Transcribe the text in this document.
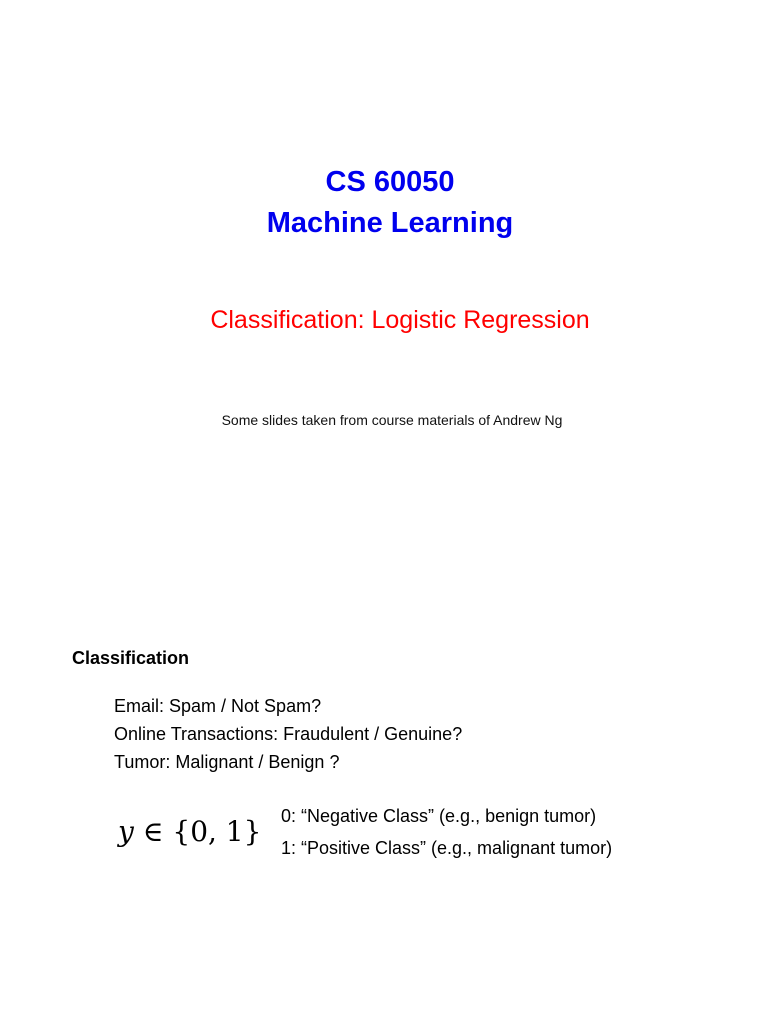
CS 60050
Machine Learning
Classification: Logistic Regression
Some slides taken from course materials of Andrew Ng
Classification
Email: Spam / Not Spam?
Online Transactions: Fraudulent / Genuine?
Tumor: Malignant / Benign ?
y ∈ {0, 1} 0: “Negative Class” (e.g., benign tumor)
1: “Positive Class” (e.g., malignant tumor)
